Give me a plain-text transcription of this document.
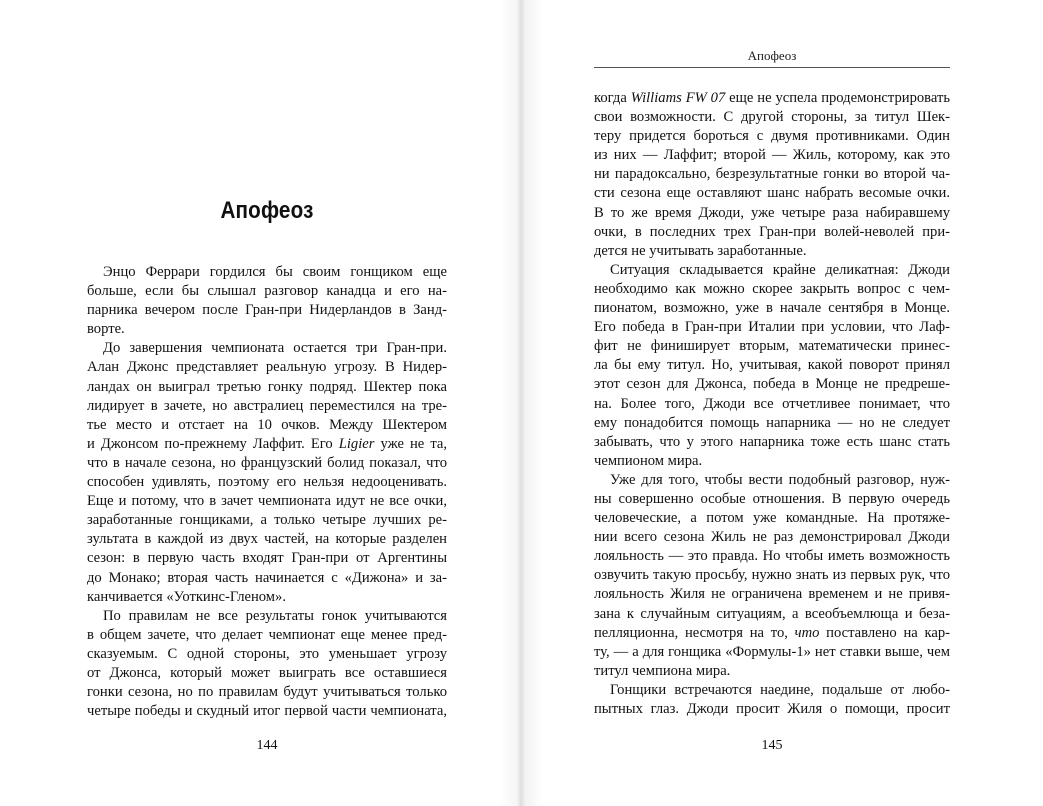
Апофеоз
Энцо Феррари гордился бы своим гонщиком еще
больше, если бы слышал разговор канадца и его на-
парника вечером после Гран-при Нидерландов в Занд-
ворте.
До завершения чемпионата остается три Гран-при.
Алан Джонс представляет реальную угрозу. В Нидер-
ландах он выиграл третью гонку подряд. Шектер пока
лидирует в зачете, но австралиец переместился на тре-
тье место и отстает на 10 очков. Между Шектером
и Джонсом по-прежнему Лаффит. Его Ligier уже не та,
что в начале сезона, но французский болид показал, что
способен удивлять, поэтому его нельзя недооценивать.
Еще и потому, что в зачет чемпионата идут не все очки,
заработанные гонщиками, а только четыре лучших ре-
зультата в каждой из двух частей, на которые разделен
сезон: в первую часть входят Гран-при от Аргентины
до Монако; вторая часть начинается с «Дижона» и за-
канчивается «Уоткинс-Гленом».
По правилам не все результаты гонок учитываются
в общем зачете, что делает чемпионат еще менее пред-
сказуемым. С одной стороны, это уменьшает угрозу
от Джонса, который может выиграть все оставшиеся
гонки сезона, но по правилам будут учитываться только
четыре победы и скудный итог первой части чемпионата,
144
Апофеоз
когда Williams FW 07 еще не успела продемонстрировать
свои возможности. С другой стороны, за титул Шек-
теру придется бороться с двумя противниками. Один
из них — Лаффит; второй — Жиль, которому, как это
ни парадоксально, безрезультатные гонки во второй ча-
сти сезона еще оставляют шанс набрать весомые очки.
В то же время Джоди, уже четыре раза набиравшему
очки, в последних трех Гран-при волей-неволей при-
дется не учитывать заработанные.
Ситуация складывается крайне деликатная: Джоди
необходимо как можно скорее закрыть вопрос с чем-
пионатом, возможно, уже в начале сентября в Монце.
Его победа в Гран-при Италии при условии, что Лаф-
фит не финиширует вторым, математически принес-
ла бы ему титул. Но, учитывая, какой поворот принял
этот сезон для Джонса, победа в Монце не предреше-
на. Более того, Джоди все отчетливее понимает, что
ему понадобится помощь напарника — но не следует
забывать, что у этого напарника тоже есть шанс стать
чемпионом мира.
Уже для того, чтобы вести подобный разговор, нуж-
ны совершенно особые отношения. В первую очередь
человеческие, а потом уже командные. На протяже-
нии всего сезона Жиль не раз демонстрировал Джоди
лояльность — это правда. Но чтобы иметь возможность
озвучить такую просьбу, нужно знать из первых рук, что
лояльность Жиля не ограничена временем и не привя-
зана к случайным ситуациям, а всеобъемлюща и беза-
пелляционна, несмотря на то, что поставлено на кар-
ту, — а для гонщика «Формулы-1» нет ставки выше, чем
титул чемпиона мира.
Гонщики встречаются наедине, подальше от любо-
пытных глаз. Джоди просит Жиля о помощи, просит
145
